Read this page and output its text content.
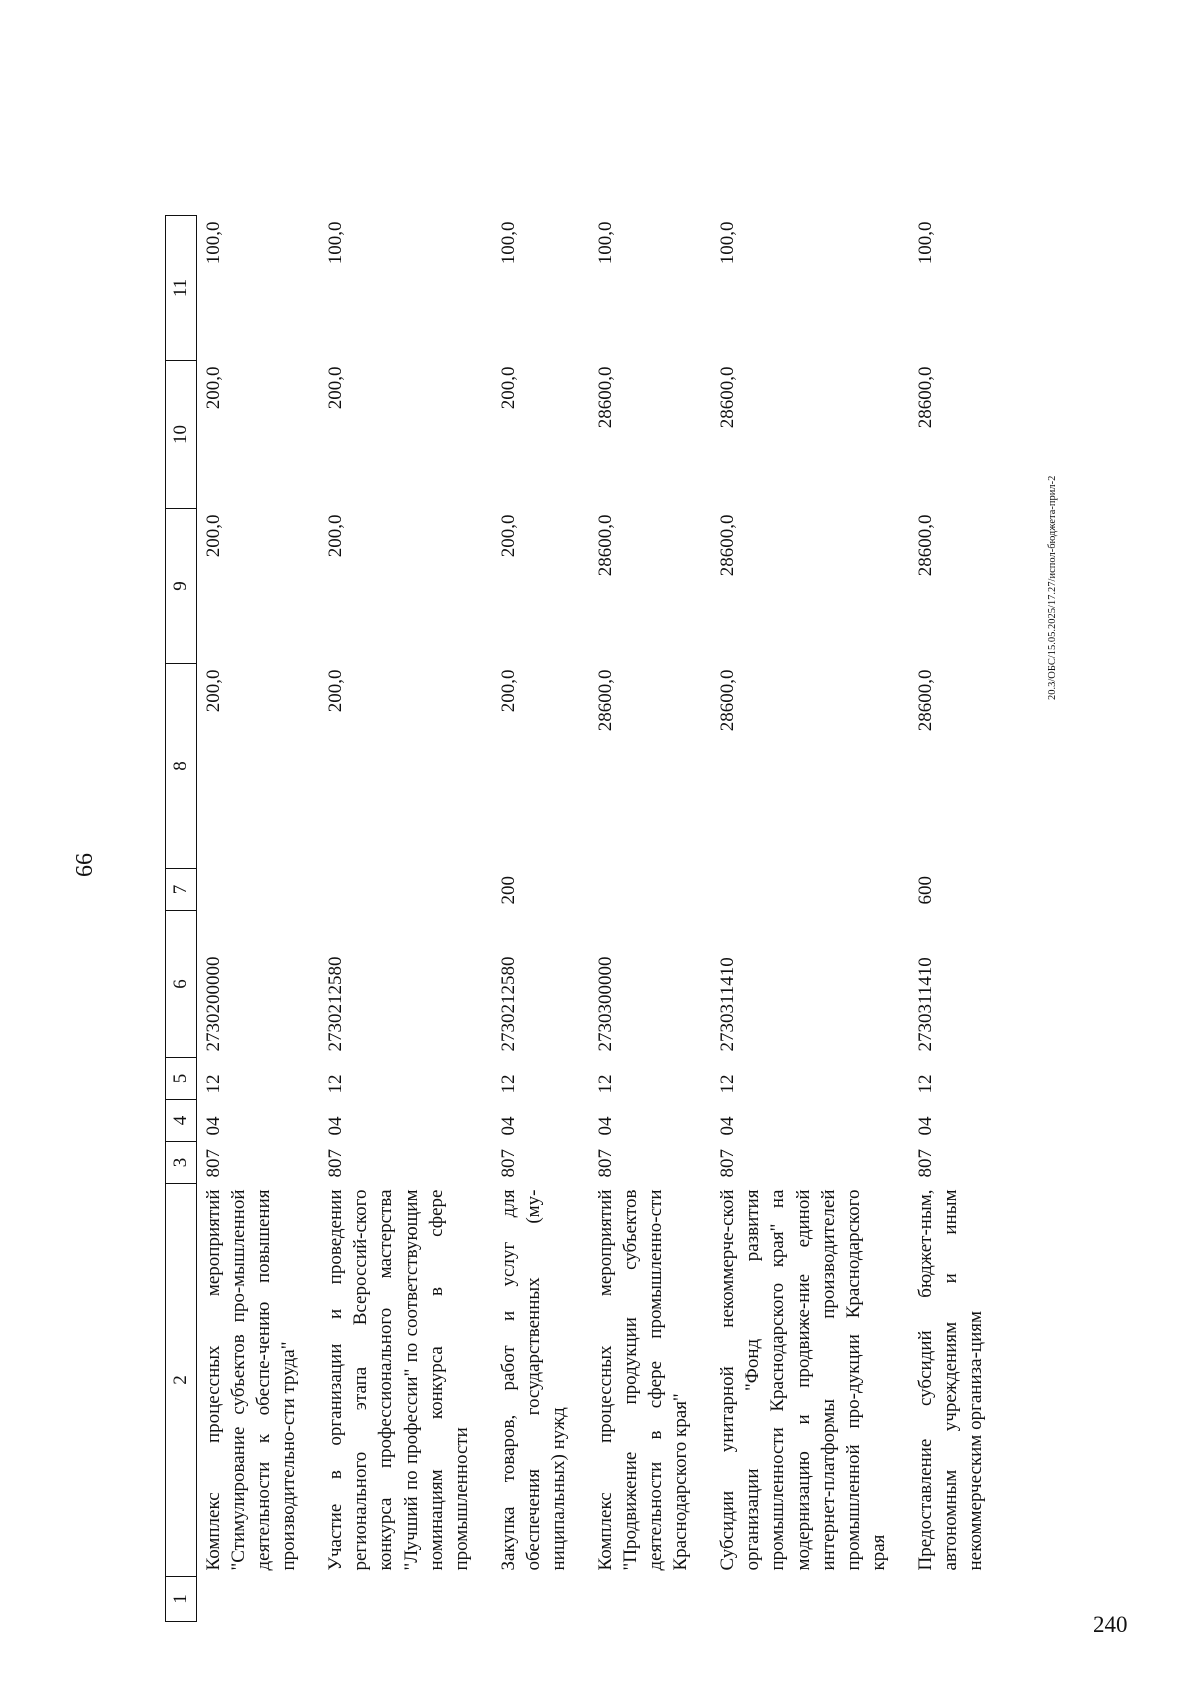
66
1	2	3	4	5	6	7	8	9	10	11
	Комплекс процессных мероприятий "Стимулирование субъектов про-мышленной деятельности к обеспе-чению повышения производительно-сти труда"	807	04	12	2730200000		200,0	200,0	200,0	100,0
	Участие в организации и проведении регионального этапа Всероссий-ского конкурса профессионального мастерства "Лучший по профессии" по соответствующим номинациям конкурса в сфере промышленности	807	04	12	2730212580		200,0	200,0	200,0	100,0
	Закупка товаров, работ и услуг для обеспечения государственных (му-ниципальных) нужд	807	04	12	2730212580	200	200,0	200,0	200,0	100,0
	Комплекс процессных мероприятий "Продвижение продукции субъектов деятельности в сфере промышленно-сти Краснодарского края"	807	04	12	2730300000		28600,0	28600,0	28600,0	100,0
	Субсидии унитарной некоммерче-ской организации "Фонд развития промышленности Краснодарского края" на модернизацию и продвиже-ние единой интернет-платформы производителей промышленной про-дукции Краснодарского края	807	04	12	2730311410		28600,0	28600,0	28600,0	100,0
	Предоставление субсидий бюджет-ным, автономным учреждениям и иным некоммерческим организа-циям	807	04	12	2730311410	600	28600,0	28600,0	28600,0	100,0
20.3/ОБС/15.05.2025/17.27/испол-бюджета-прил-2
240
